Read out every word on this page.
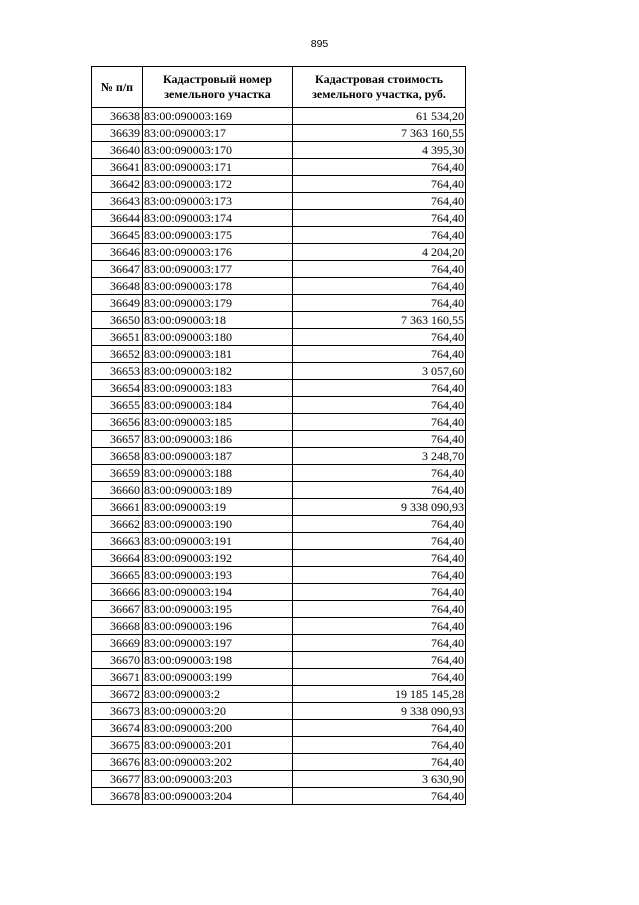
895
№ п/п	Кадастровый номер земельного участка	Кадастровая стоимость земельного участка, руб.
36638	83:00:090003:169	61 534,20
36639	83:00:090003:17	7 363 160,55
36640	83:00:090003:170	4 395,30
36641	83:00:090003:171	764,40
36642	83:00:090003:172	764,40
36643	83:00:090003:173	764,40
36644	83:00:090003:174	764,40
36645	83:00:090003:175	764,40
36646	83:00:090003:176	4 204,20
36647	83:00:090003:177	764,40
36648	83:00:090003:178	764,40
36649	83:00:090003:179	764,40
36650	83:00:090003:18	7 363 160,55
36651	83:00:090003:180	764,40
36652	83:00:090003:181	764,40
36653	83:00:090003:182	3 057,60
36654	83:00:090003:183	764,40
36655	83:00:090003:184	764,40
36656	83:00:090003:185	764,40
36657	83:00:090003:186	764,40
36658	83:00:090003:187	3 248,70
36659	83:00:090003:188	764,40
36660	83:00:090003:189	764,40
36661	83:00:090003:19	9 338 090,93
36662	83:00:090003:190	764,40
36663	83:00:090003:191	764,40
36664	83:00:090003:192	764,40
36665	83:00:090003:193	764,40
36666	83:00:090003:194	764,40
36667	83:00:090003:195	764,40
36668	83:00:090003:196	764,40
36669	83:00:090003:197	764,40
36670	83:00:090003:198	764,40
36671	83:00:090003:199	764,40
36672	83:00:090003:2	19 185 145,28
36673	83:00:090003:20	9 338 090,93
36674	83:00:090003:200	764,40
36675	83:00:090003:201	764,40
36676	83:00:090003:202	764,40
36677	83:00:090003:203	3 630,90
36678	83:00:090003:204	764,40
